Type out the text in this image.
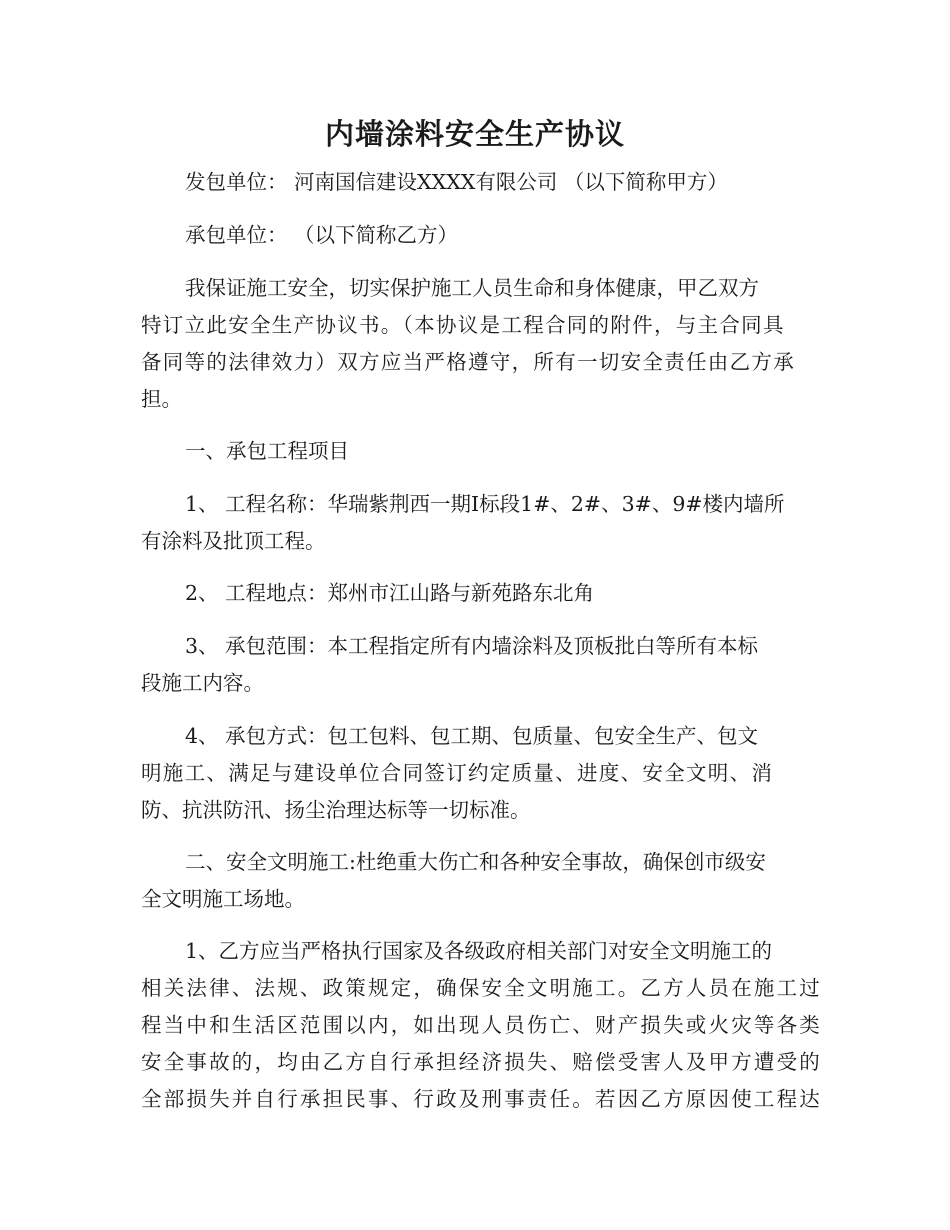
内墙涂料安全生产协议

发包单位： 河南国信建设XXXX有限公司 （以下简称甲方）

承包单位： （以下简称乙方）

我保证施工安全，切实保护施工人员生命和身体健康，甲乙双方

特订立此安全生产协议书。（本协议是工程合同的附件，与主合同具

备同等的法律效力）双方应当严格遵守，所有一切安全责任由乙方承

担。

一、承包工程项目

1、 工程名称：华瑞紫荆西一期Ⅰ标段1#、2#、3#、9#楼内墙所

有涂料及批顶工程。

2、 工程地点：郑州市江山路与新苑路东北角

3、 承包范围：本工程指定所有内墙涂料及顶板批白等所有本标

段施工内容。

4、 承包方式：包工包料、包工期、包质量、包安全生产、包文

明施工、满足与建设单位合同签订约定质量、进度、安全文明、消

防、抗洪防汛、扬尘治理达标等一切标准。

二、安全文明施工:杜绝重大伤亡和各种安全事故，确保创市级安

全文明施工场地。

1、乙方应当严格执行国家及各级政府相关部门对安全文明施工的

相关法律、法规、政策规定，确保安全文明施工。乙方人员在施工过

程当中和生活区范围以内，如出现人员伤亡、财产损失或火灾等各类

安全事故的，均由乙方自行承担经济损失、赔偿受害人及甲方遭受的

全部损失并自行承担民事、行政及刑事责任。若因乙方原因使工程达
